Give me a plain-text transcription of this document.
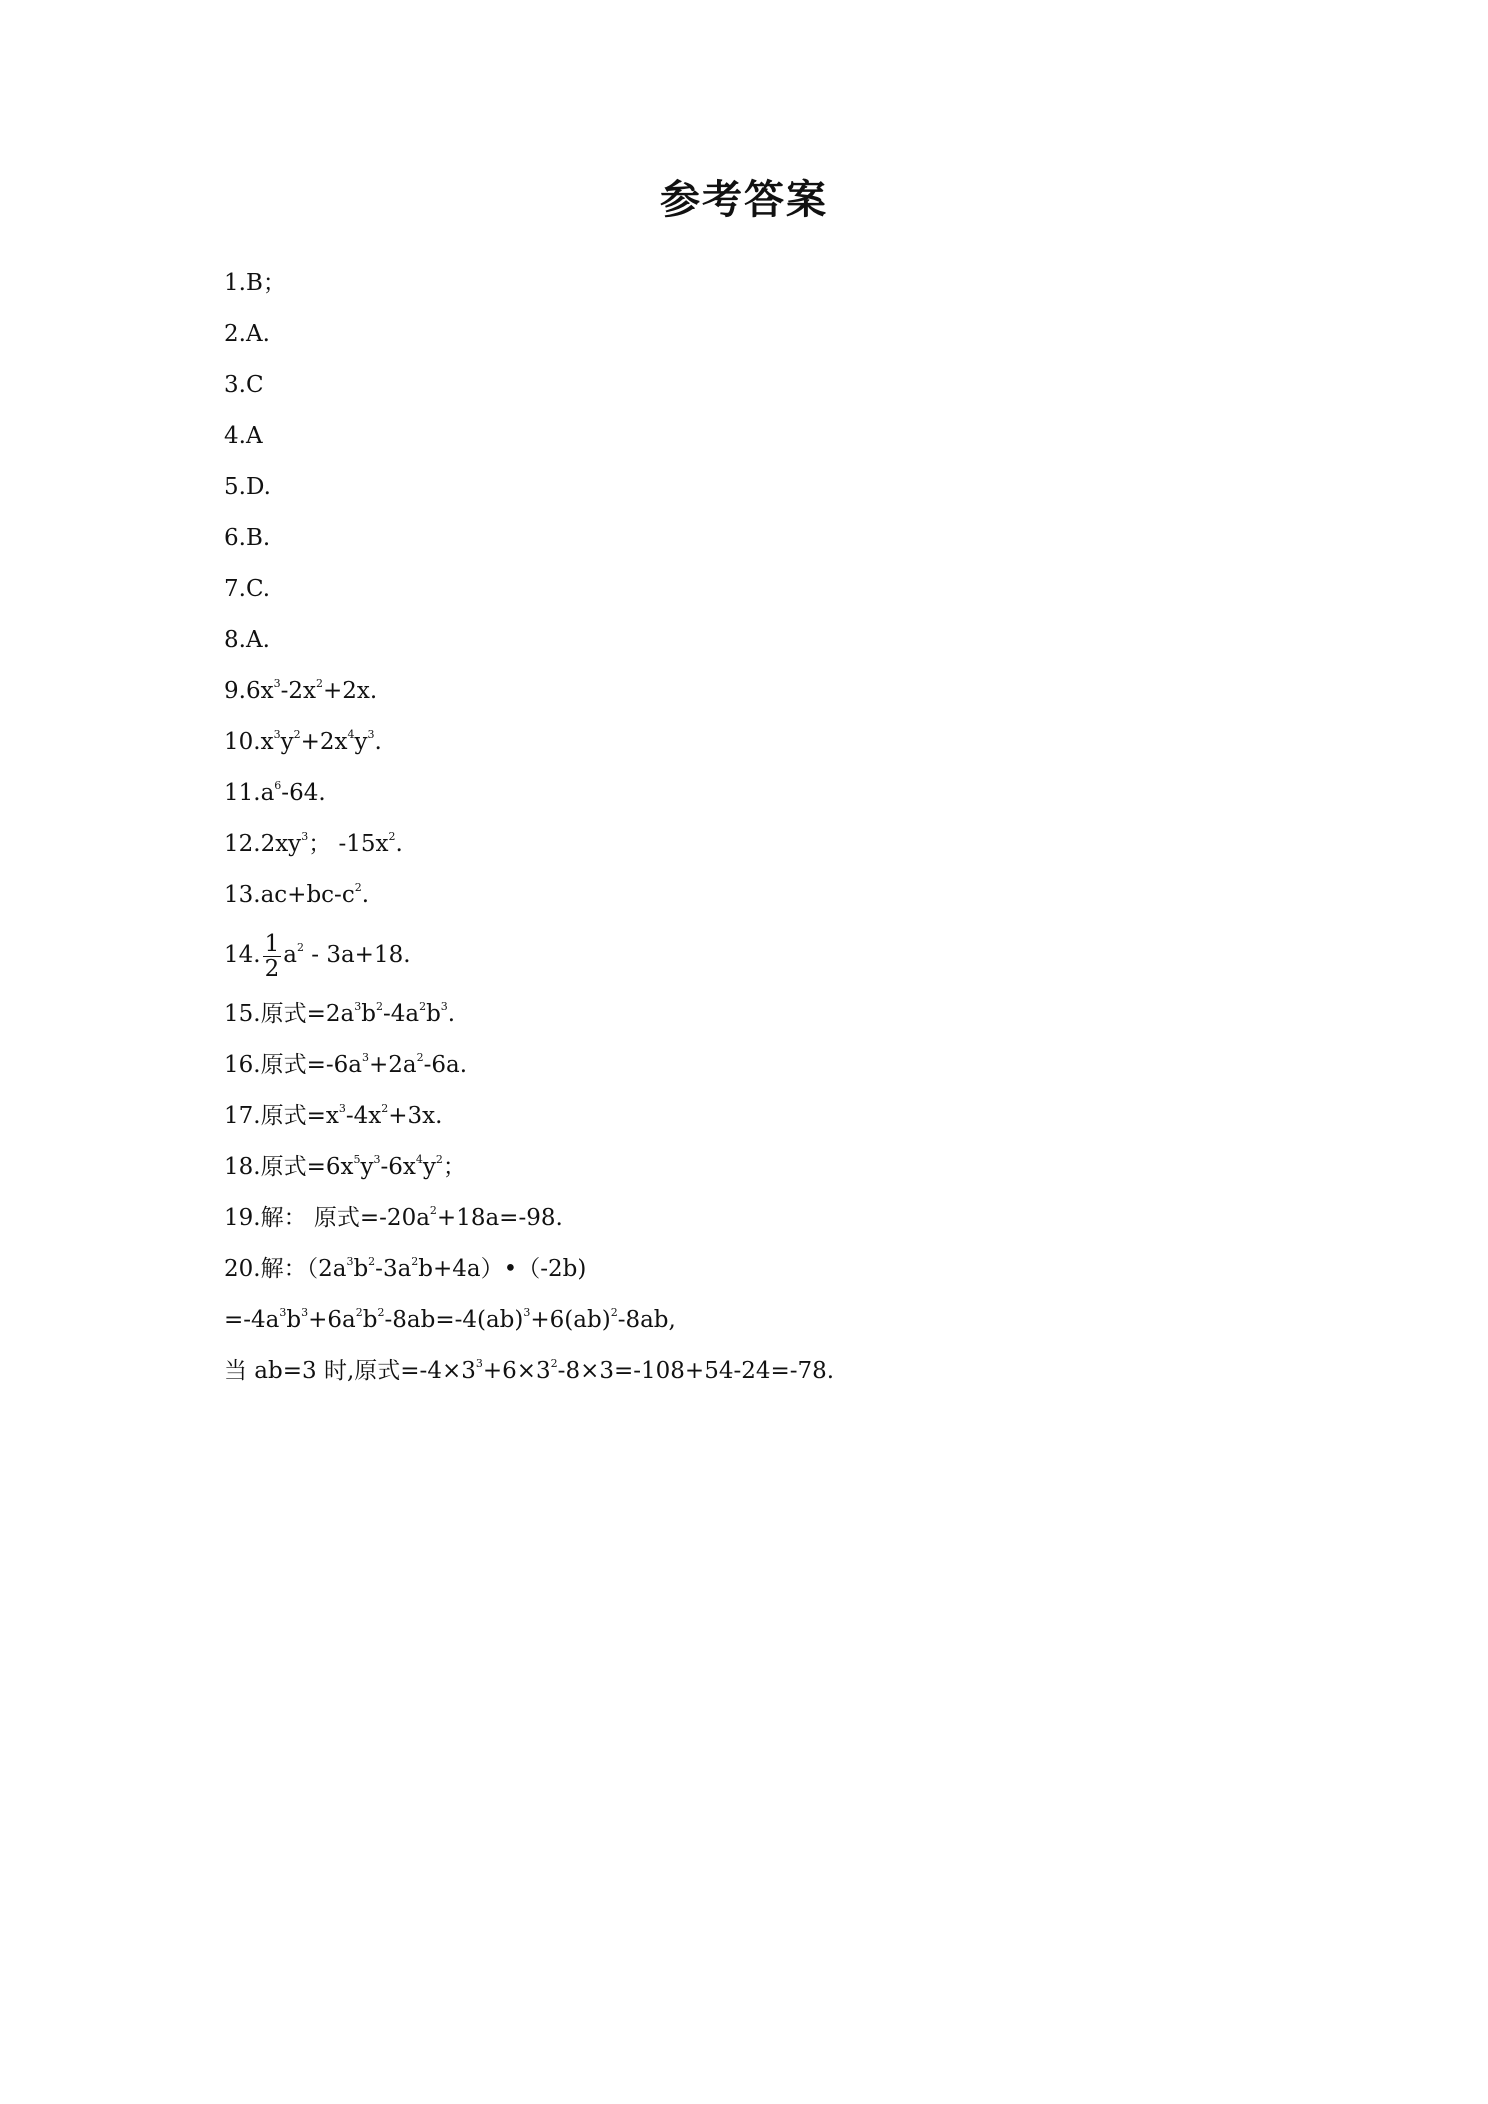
参考答案
1.B；
2.A.
3.C
4.A
5.D.
6.B.
7.C.
8.A.
$9.6x^3-2x^2+2x$.
$10.x^3y^2+2x^4y^3$.
$11.a^6-64$.
$12.2xy^3$； $-15x^2$.
$13.ac+bc-c^2$.
14. $\frac{1}{2} a^2 - 3a+18$.
15.原式$=2a^3b^2-4a^2b^3$.
16.原式$=-6a^3+2a^2-6a$.
17.原式$=x^3-4x^2+3x$.
18.原式$=6x^5y^3-6x^4y^2$；
19.解： 原式$=-20a^2+18a=-98$.
20.解：$(2a^3b^2-3a^2b+4a)•(-2b)$
$=-4a^3b^3+6a^2b^2-8ab=-4(ab)^3+6(ab)^2-8ab$,
当 ab=3 时,原式$=-4\times 3^3+6\times 3^2-8\times 3=-108+54-24=-78$.
